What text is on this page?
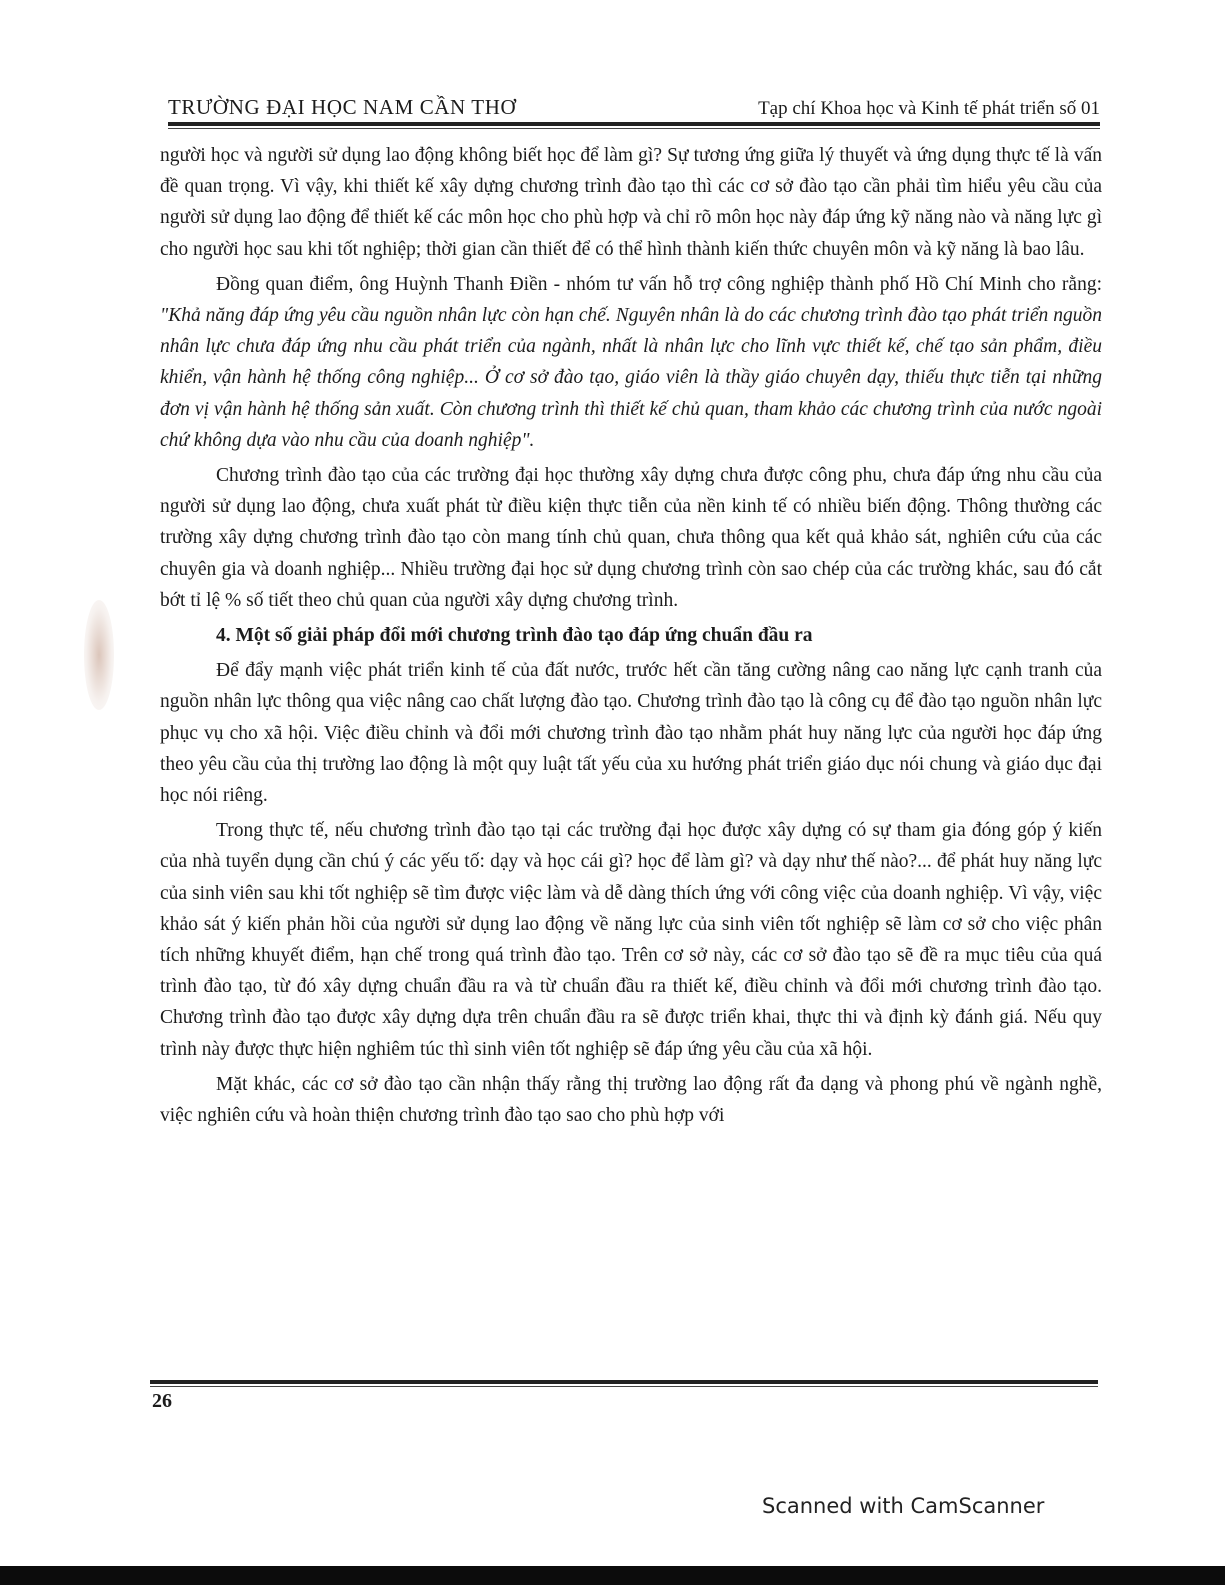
TRƯỜNG ĐẠI HỌC NAM CẦN THƠ	Tạp chí Khoa học và Kinh tế phát triển số 01

người học và người sử dụng lao động không biết học để làm gì? Sự tương ứng giữa lý thuyết và ứng dụng thực tế là vấn đề quan trọng. Vì vậy, khi thiết kế xây dựng chương trình đào tạo thì các cơ sở đào tạo cần phải tìm hiểu yêu cầu của người sử dụng lao động để thiết kế các môn học cho phù hợp và chỉ rõ môn học này đáp ứng kỹ năng nào và năng lực gì cho người học sau khi tốt nghiệp; thời gian cần thiết để có thể hình thành kiến thức chuyên môn và kỹ năng là bao lâu.

Đồng quan điểm, ông Huỳnh Thanh Điền - nhóm tư vấn hỗ trợ công nghiệp thành phố Hồ Chí Minh cho rằng: "Khả năng đáp ứng yêu cầu nguồn nhân lực còn hạn chế. Nguyên nhân là do các chương trình đào tạo phát triển nguồn nhân lực chưa đáp ứng nhu cầu phát triển của ngành, nhất là nhân lực cho lĩnh vực thiết kế, chế tạo sản phẩm, điều khiển, vận hành hệ thống công nghiệp... Ở cơ sở đào tạo, giáo viên là thầy giáo chuyên dạy, thiếu thực tiễn tại những đơn vị vận hành hệ thống sản xuất. Còn chương trình thì thiết kế chủ quan, tham khảo các chương trình của nước ngoài chứ không dựa vào nhu cầu của doanh nghiệp".

Chương trình đào tạo của các trường đại học thường xây dựng chưa được công phu, chưa đáp ứng nhu cầu của người sử dụng lao động, chưa xuất phát từ điều kiện thực tiễn của nền kinh tế có nhiều biến động. Thông thường các trường xây dựng chương trình đào tạo còn mang tính chủ quan, chưa thông qua kết quả khảo sát, nghiên cứu của các chuyên gia và doanh nghiệp... Nhiều trường đại học sử dụng chương trình còn sao chép của các trường khác, sau đó cắt bớt tỉ lệ % số tiết theo chủ quan của người xây dựng chương trình.

4. Một số giải pháp đổi mới chương trình đào tạo đáp ứng chuẩn đầu ra

Để đẩy mạnh việc phát triển kinh tế của đất nước, trước hết cần tăng cường nâng cao năng lực cạnh tranh của nguồn nhân lực thông qua việc nâng cao chất lượng đào tạo. Chương trình đào tạo là công cụ để đào tạo nguồn nhân lực phục vụ cho xã hội. Việc điều chỉnh và đổi mới chương trình đào tạo nhằm phát huy năng lực của người học đáp ứng theo yêu cầu của thị trường lao động là một quy luật tất yếu của xu hướng phát triển giáo dục nói chung và giáo dục đại học nói riêng.

Trong thực tế, nếu chương trình đào tạo tại các trường đại học được xây dựng có sự tham gia đóng góp ý kiến của nhà tuyển dụng cần chú ý các yếu tố: dạy và học cái gì? học để làm gì? và dạy như thế nào?... để phát huy năng lực của sinh viên sau khi tốt nghiệp sẽ tìm được việc làm và dễ dàng thích ứng với công việc của doanh nghiệp. Vì vậy, việc khảo sát ý kiến phản hồi của người sử dụng lao động về năng lực của sinh viên tốt nghiệp sẽ làm cơ sở cho việc phân tích những khuyết điểm, hạn chế trong quá trình đào tạo. Trên cơ sở này, các cơ sở đào tạo sẽ đề ra mục tiêu của quá trình đào tạo, từ đó xây dựng chuẩn đầu ra và từ chuẩn đầu ra thiết kế, điều chỉnh và đổi mới chương trình đào tạo. Chương trình đào tạo được xây dựng dựa trên chuẩn đầu ra sẽ được triển khai, thực thi và định kỳ đánh giá. Nếu quy trình này được thực hiện nghiêm túc thì sinh viên tốt nghiệp sẽ đáp ứng yêu cầu của xã hội.

Mặt khác, các cơ sở đào tạo cần nhận thấy rằng thị trường lao động rất đa dạng và phong phú về ngành nghề, việc nghiên cứu và hoàn thiện chương trình đào tạo sao cho phù hợp với

26
Scanned with CamScanner
